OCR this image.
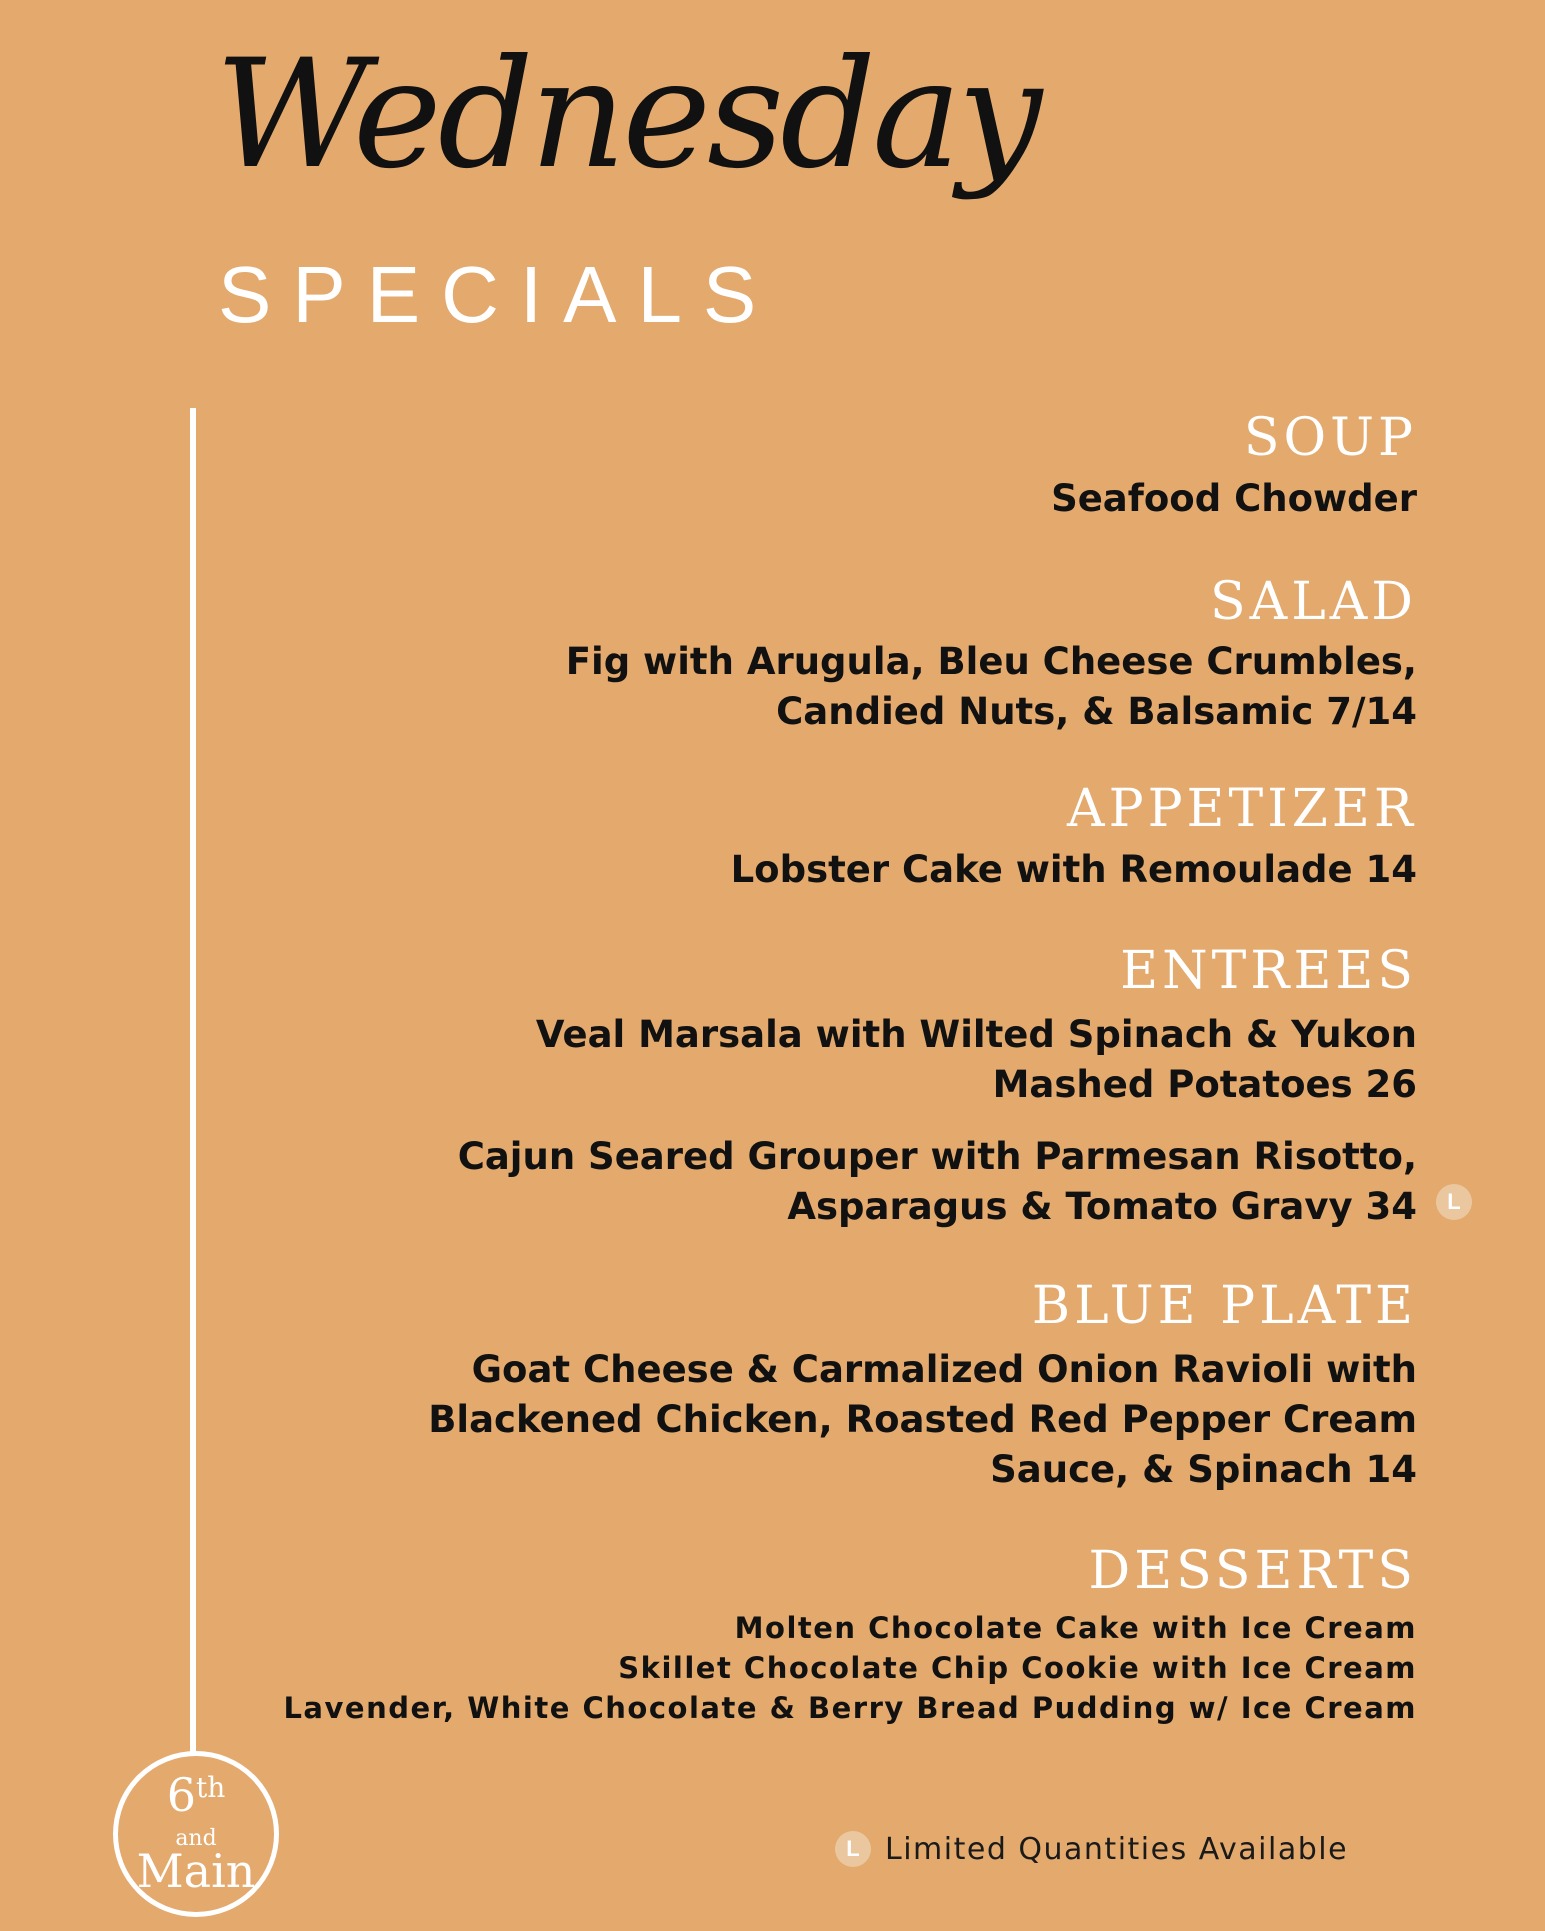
Wednesday
SPECIALS
6th
and
Main
SOUP
Seafood Chowder
SALAD
Fig with Arugula, Bleu Cheese Crumbles,
Candied Nuts, & Balsamic 7/14
APPETIZER
Lobster Cake with Remoulade 14
ENTREES
Veal Marsala with Wilted Spinach & Yukon
Mashed Potatoes 26
Cajun Seared Grouper with Parmesan Risotto,
Asparagus & Tomato Gravy 34	L
BLUE PLATE
Goat Cheese & Carmalized Onion Ravioli with
Blackened Chicken, Roasted Red Pepper Cream
Sauce, & Spinach 14
DESSERTS
Molten Chocolate Cake with Ice Cream
Skillet Chocolate Chip Cookie with Ice Cream
Lavender, White Chocolate & Berry Bread Pudding w/ Ice Cream
L Limited Quantities Available
